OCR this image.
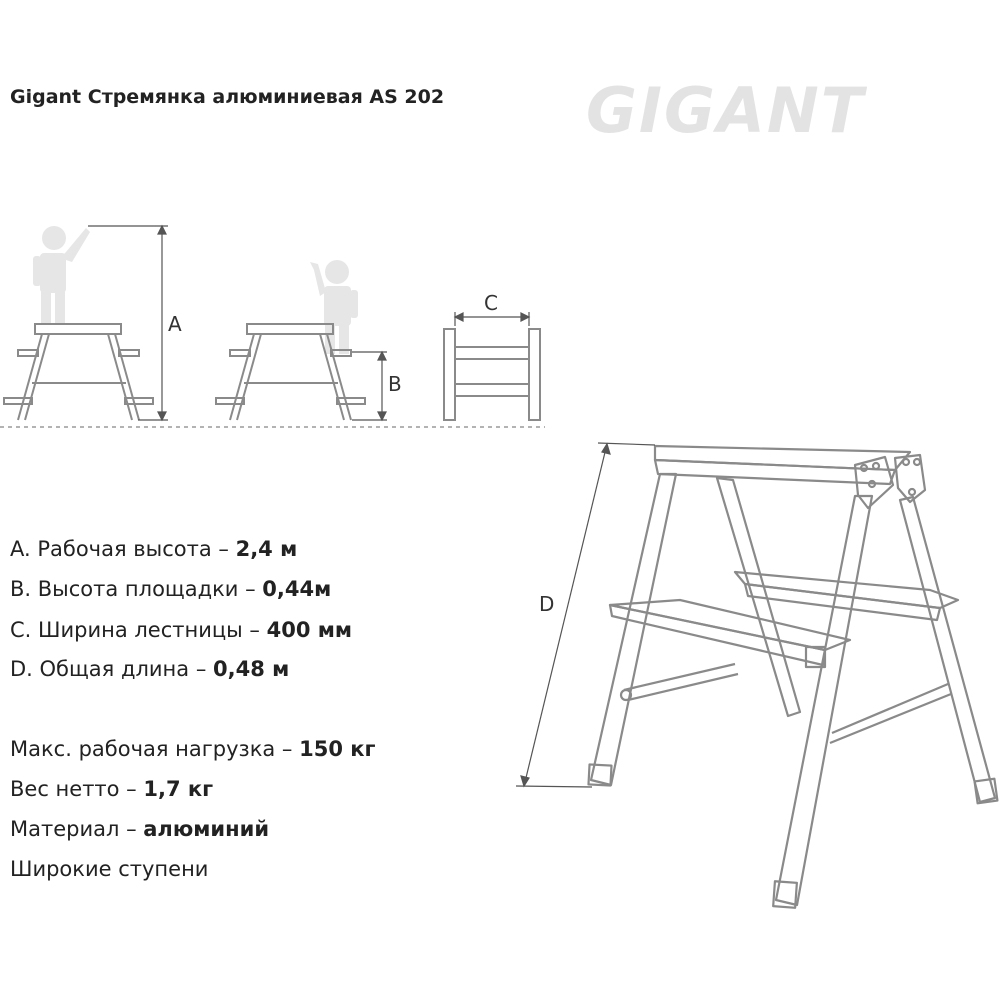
Gigant Стремянка алюминиевая AS 202 GIGANT
A
B
C
D
A. Рабочая высота – 2,4 м
B. Высота площадки – 0,44м
C. Ширина лестницы – 400 мм
D. Общая длина – 0,48 м
Макс. рабочая нагрузка – 150 кг
Вес нетто – 1,7 кг
Материал – алюминий
Широкие ступени
